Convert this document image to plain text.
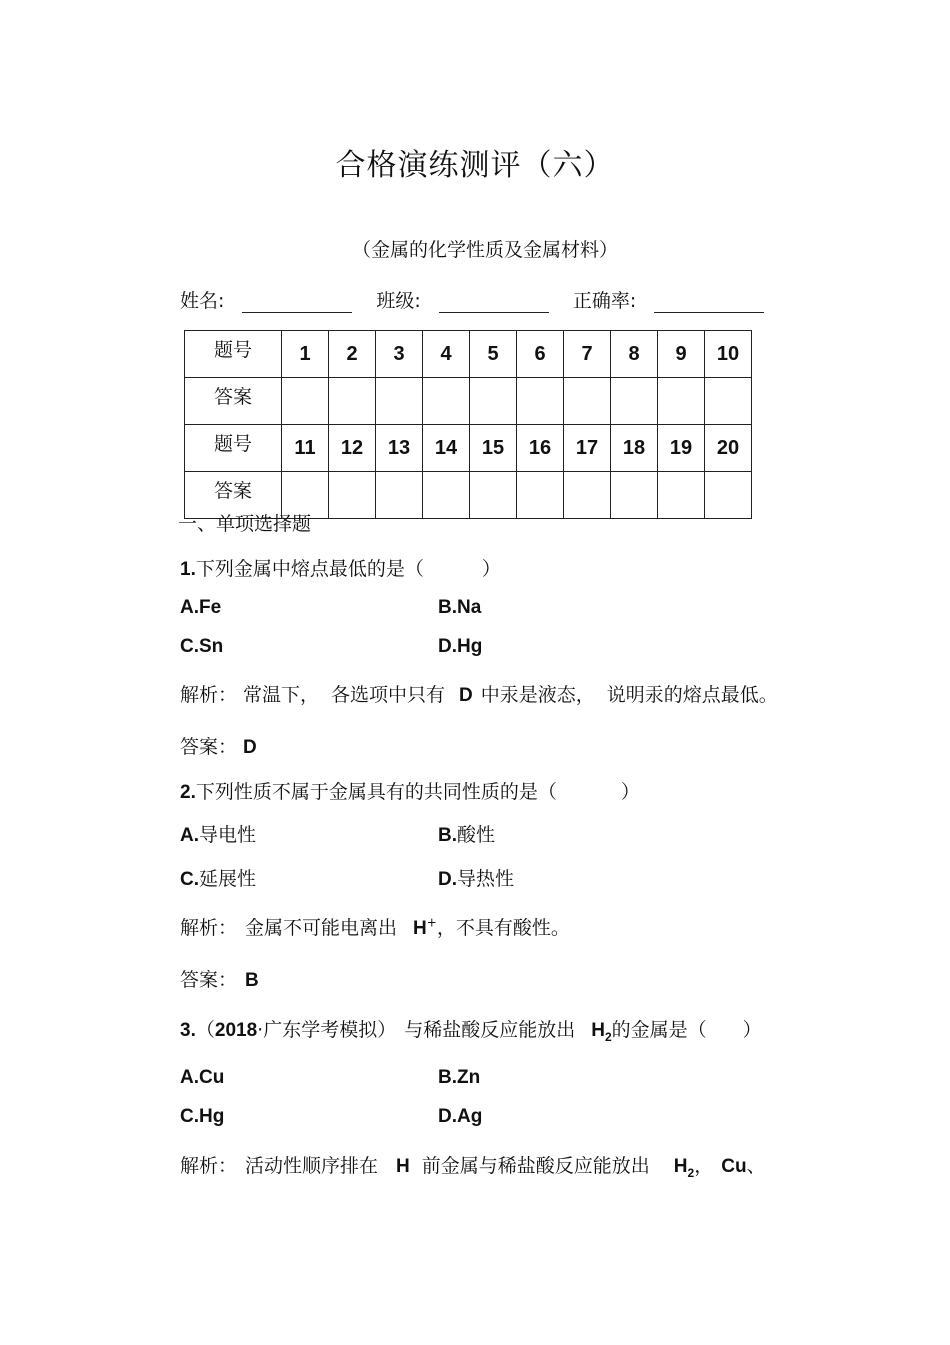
合格演练测评（六）
（金属的化学性质及金属材料）
姓名:	班级:	正确率:
题号	1	2	3	4	5	6	7	8	9	10
答案										
题号	11	12	13	14	15	16	17	18	19	20
答案										
一、单项选择题
1.下列金属中熔点最低的是（	）
A.Fe	B.Na
C.Sn	D.Hg
解析： 常温下， 各选项中只有 D 中汞是液态， 说明汞的熔点最低。
答案： D
2.下列性质不属于金属具有的共同性质的是（	）
A.导电性	B.酸性
C.延展性	D.导热性
解析： 金属不可能电离出 H+，不具有酸性。
答案： B
3.（2018·广东学考模拟） 与稀盐酸反应能放出 $H_2$的金属是（ ）
A.Cu	B.Zn
C.Hg	D.Ag
解析： 活动性顺序排在 H 前金属与稀盐酸反应能放出 $H_2$， Cu、
